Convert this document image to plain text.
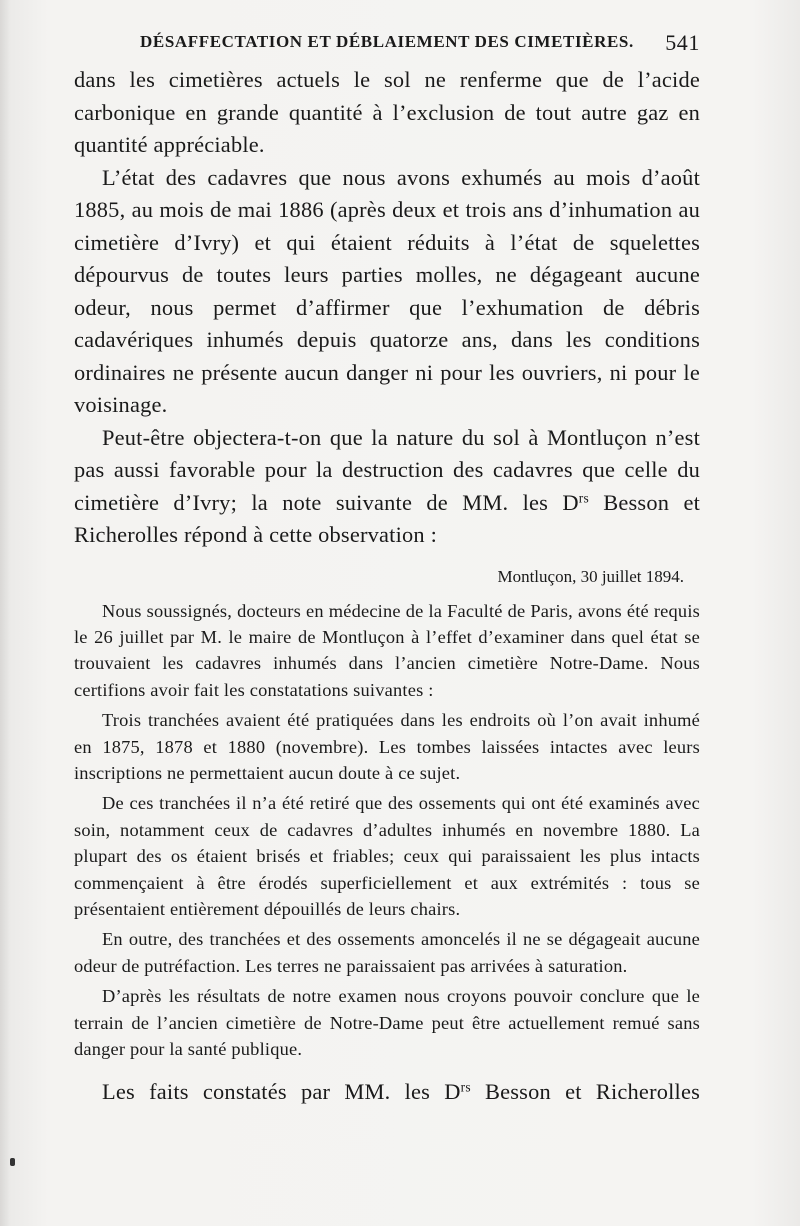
DÉSAFFECTATION ET DÉBLAIEMENT DES CIMETIÈRES. 541

dans les cimetières actuels le sol ne renferme que de l’acide carbonique en grande quantité à l’exclusion de tout autre gaz en quantité appréciable.

L’état des cadavres que nous avons exhumés au mois d’août 1885, au mois de mai 1886 (après deux et trois ans d’inhumation au cimetière d’Ivry) et qui étaient réduits à l’état de squelettes dépourvus de toutes leurs parties molles, ne dégageant aucune odeur, nous permet d’affirmer que l’exhumation de débris cadavériques inhumés depuis quatorze ans, dans les conditions ordinaires ne présente aucun danger ni pour les ouvriers, ni pour le voisinage.

Peut-être objectera-t-on que la nature du sol à Montluçon n’est pas aussi favorable pour la destruction des cadavres que celle du cimetière d’Ivry; la note suivante de MM. les $D^{rs}$ Besson et Richerolles répond à cette observation :

Montluçon, 30 juillet 1894.

Nous soussignés, docteurs en médecine de la Faculté de Paris, avons été requis le 26 juillet par M. le maire de Montluçon à l’effet d’examiner dans quel état se trouvaient les cadavres inhumés dans l’ancien cimetière Notre-Dame. Nous certifions avoir fait les constatations suivantes :

Trois tranchées avaient été pratiquées dans les endroits où l’on avait inhumé en 1875, 1878 et 1880 (novembre). Les tombes laissées intactes avec leurs inscriptions ne permettaient aucun doute à ce sujet.

De ces tranchées il n’a été retiré que des ossements qui ont été examinés avec soin, notamment ceux de cadavres d’adultes inhumés en novembre 1880. La plupart des os étaient brisés et friables; ceux qui paraissaient les plus intacts commençaient à être érodés superficiellement et aux extrémités : tous se présentaient entièrement dépouillés de leurs chairs.

En outre, des tranchées et des ossements amoncelés il ne se dégageait aucune odeur de putréfaction. Les terres ne paraissaient pas arrivées à saturation.

D’après les résultats de notre examen nous croyons pouvoir conclure que le terrain de l’ancien cimetière de Notre-Dame peut être actuellement remué sans danger pour la santé publique.

Les faits constatés par MM. les $D^{rs}$ Besson et Richerolles
